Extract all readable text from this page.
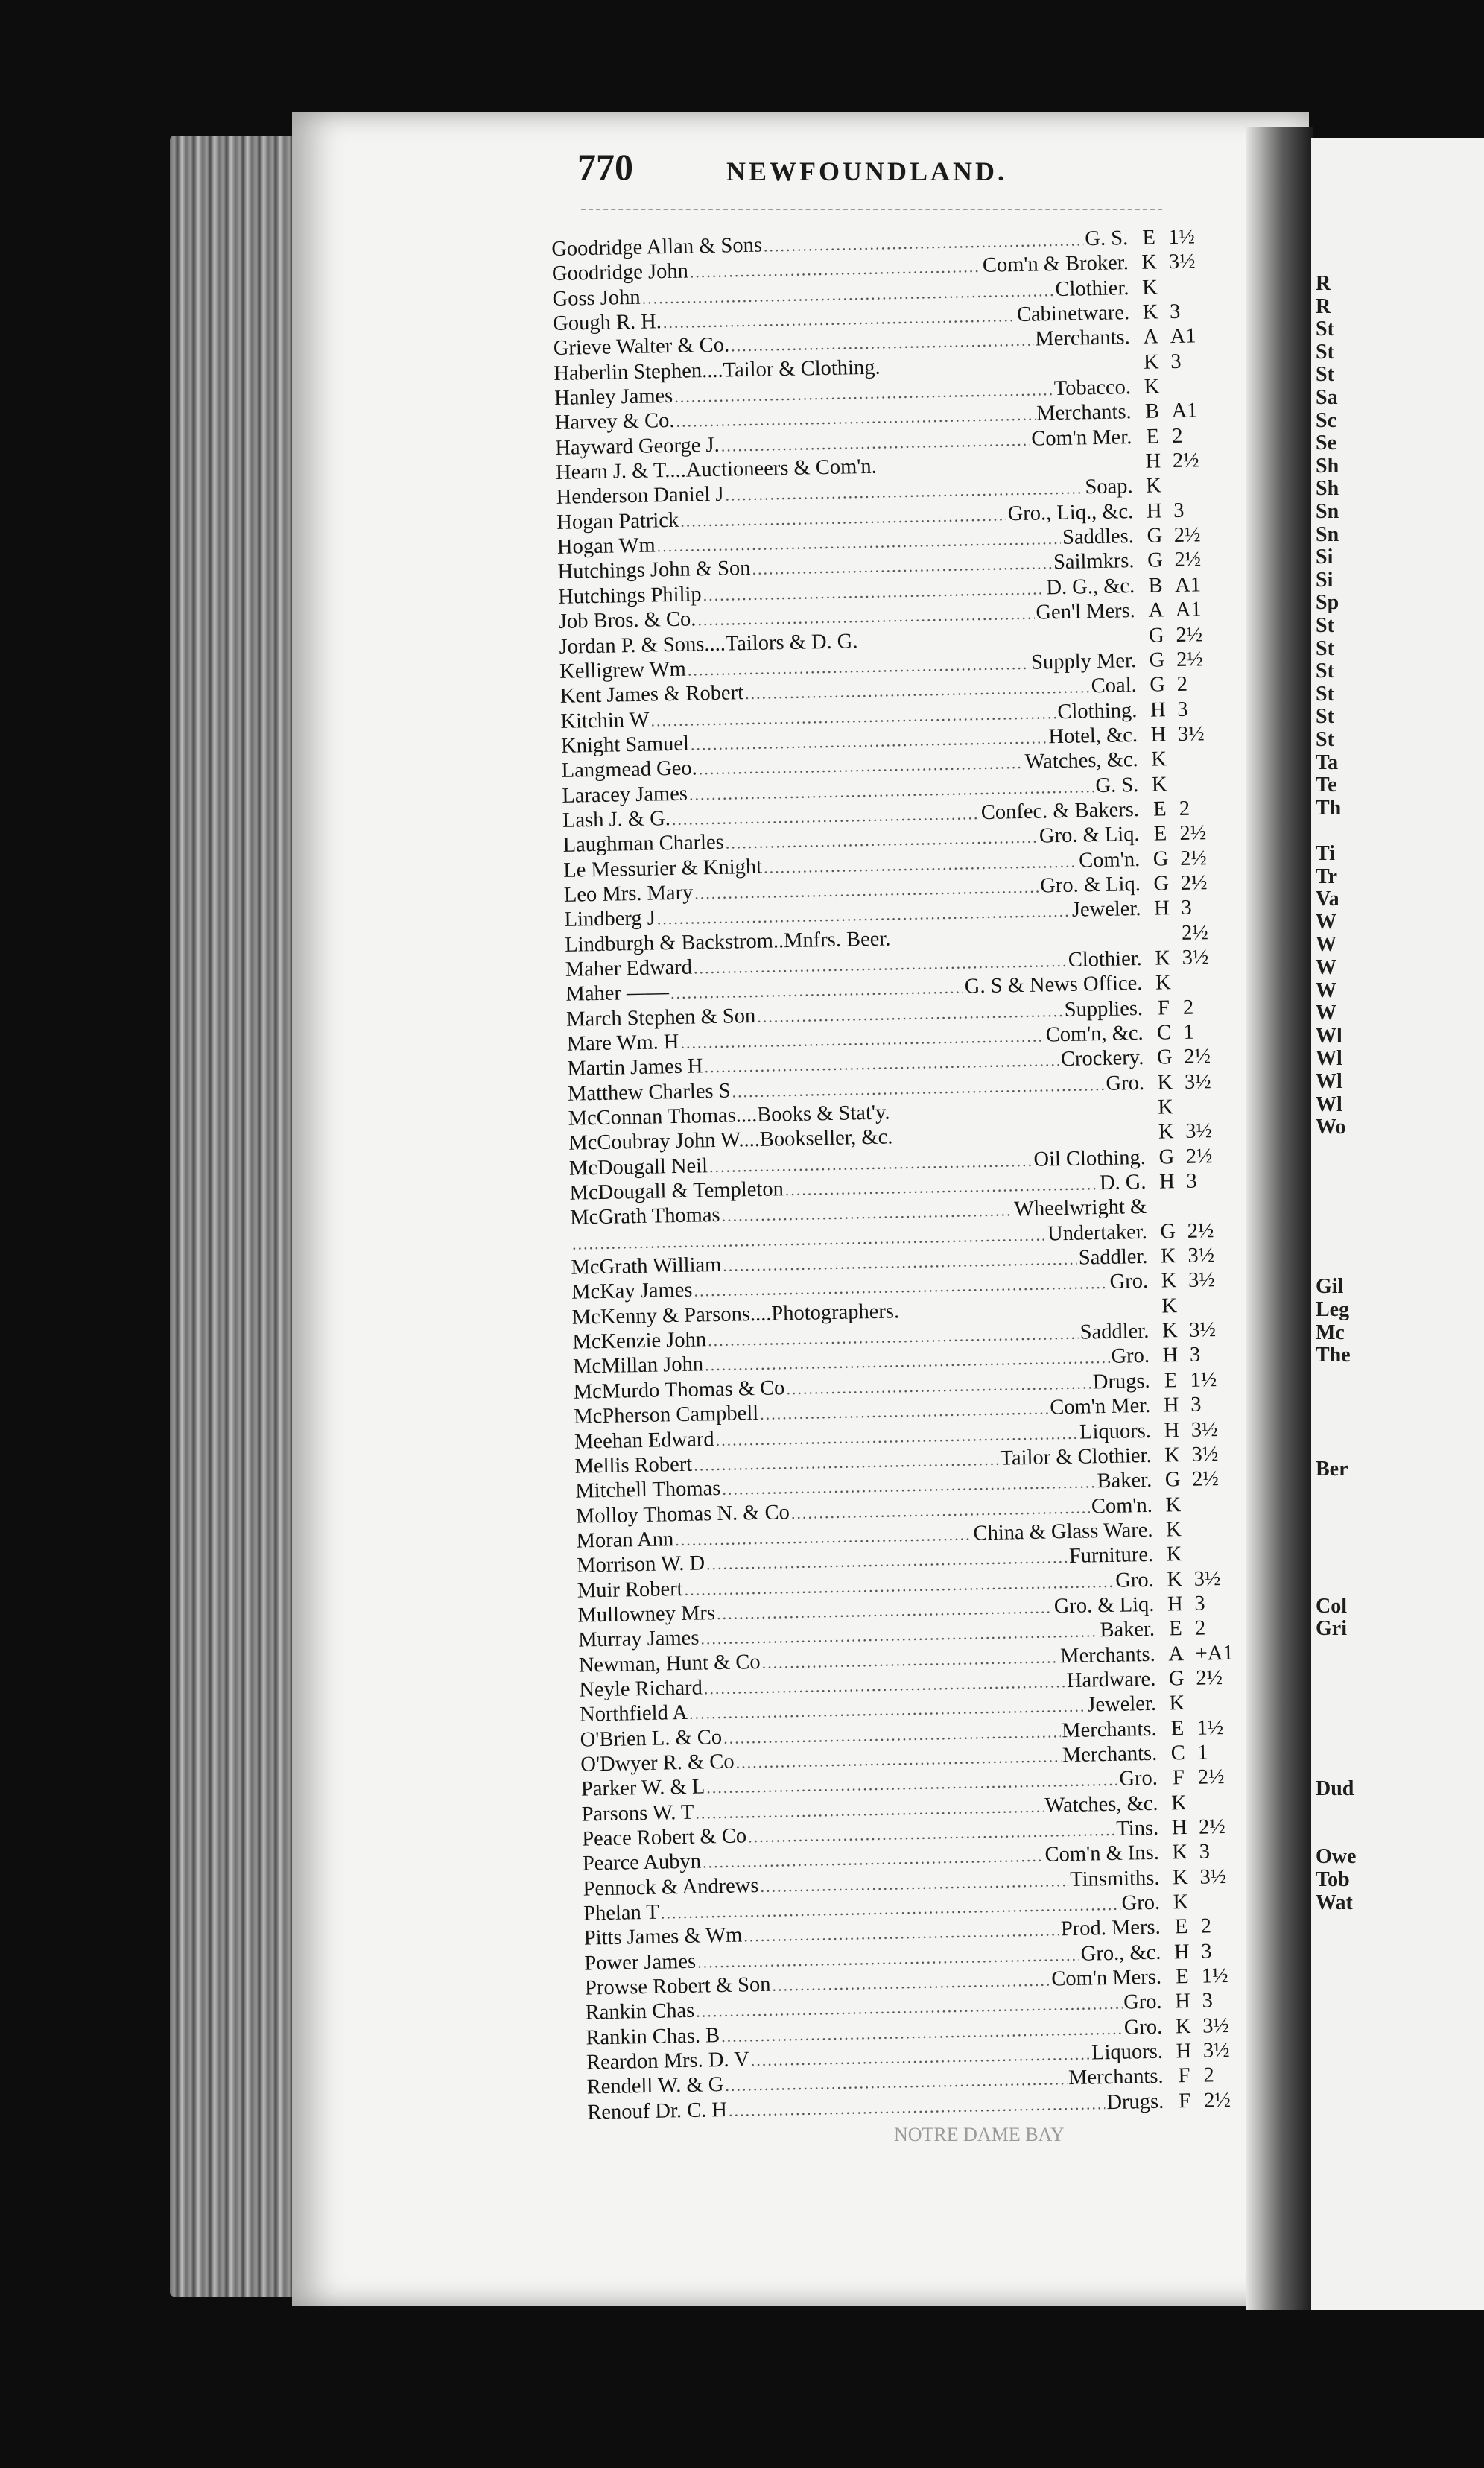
R
R
St
St
St
Sa
Sc
Se
Sh
Sh
Sn
Sn
Si
Si
Sp
St
St
St
St
St
St
Ta
Te
Th
Ti
Tr
Va
W
W
W
W
W
Wl
Wl
Wl
Wl
Wo
Gil
Leg
Mc
The
Ber
Col
Gri
Dud
Owe
Tob
Wat
770	NEWFOUNDLAND.
Goodridge Allan & Sons .....	G. S. E 1½
Goodridge John .....	Com'n & Broker. K 3½
Goss John .....	Clothier. K
Gough R. H. .....	Cabinetware. K 3
Grieve Walter & Co. .....	Merchants. A A1
Haberlin Stephen....Tailor & Clothing.	K 3
Hanley James .....	Tobacco. K
Harvey & Co. .....	Merchants. B A1
Hayward George J. .....	Com'n Mer. E 2
Hearn J. & T....Auctioneers & Com'n.	H 2½
Henderson Daniel J .....	Soap. K
Hogan Patrick .....	Gro., Liq., &c. H 3
Hogan Wm .....	Saddles. G 2½
Hutchings John & Son .....	Sailmkrs. G 2½
Hutchings Philip .....	D. G., &c. B A1
Job Bros. & Co. .....	Gen'l Mers. A A1
Jordan P. & Sons....Tailors & D. G.	G 2½
Kelligrew Wm .....	Supply Mer. G 2½
Kent James & Robert .....	Coal. G 2
Kitchin W .....	Clothing. H 3
Knight Samuel .....	Hotel, &c. H 3½
Langmead Geo. .....	Watches, &c. K
Laracey James .....	G. S. K
Lash J. & G. .....	Confec. & Bakers. E 2
Laughman Charles .....	Gro. & Liq. E 2½
Le Messurier & Knight .....	Com'n. G 2½
Leo Mrs. Mary .....	Gro. & Liq. G 2½
Lindberg J .....	Jeweler. H 3
Lindburgh & Backstrom..Mnfrs. Beer.	2½
Maher Edward .....	Clothier. K 3½
Maher —— .....	G. S & News Office. K
March Stephen & Son .....	Supplies. F 2
Mare Wm. H .....	Com'n, &c. C 1
Martin James H .....	Crockery. G 2½
Matthew Charles S .....	Gro. K 3½
McConnan Thomas....Books & Stat'y.	K
McCoubray John W....Bookseller, &c.	K 3½
McDougall Neil .....	Oil Clothing. G 2½
McDougall & Templeton .....	D. G. H 3
McGrath Thomas .....	Wheelwright &
.....
Undertaker. G 2½
McGrath William .....	Saddler. K 3½
McKay James .....	Gro. K 3½
McKenny & Parsons....Photographers.	K
McKenzie John .....	Saddler. K 3½
McMillan John .....	Gro. H 3
McMurdo Thomas & Co .....	Drugs. E 1½
McPherson Campbell .....	Com'n Mer. H 3
Meehan Edward .....	Liquors. H 3½
Mellis Robert .....	Tailor & Clothier. K 3½
Mitchell Thomas .....	Baker. G 2½
Molloy Thomas N. & Co .....	Com'n. K
Moran Ann .....	China & Glass Ware. K
Morrison W. D .....	Furniture. K
Muir Robert .....	Gro. K 3½
Mullowney Mrs .....	Gro. & Liq. H 3
Murray James .....	Baker. E 2
Newman, Hunt & Co .....	Merchants. A +A1
Neyle Richard .....	Hardware. G 2½
Northfield A .....	Jeweler. K
O'Brien L. & Co .....	Merchants. E 1½
O'Dwyer R. & Co .....	Merchants. C 1
Parker W. & L .....	Gro. F 2½
Parsons W. T .....	Watches, &c. K
Peace Robert & Co .....	Tins. H 2½
Pearce Aubyn .....	Com'n & Ins. K 3
Pennock & Andrews .....	Tinsmiths. K 3½
Phelan T .....	Gro. K
Pitts James & Wm .....	Prod. Mers. E 2
Power James .....	Gro., &c. H 3
Prowse Robert & Son .....	Com'n Mers. E 1½
Rankin Chas .....	Gro. H 3
Rankin Chas. B .....	Gro. K 3½
Reardon Mrs. D. V .....	Liquors. H 3½
Rendell W. & G .....	Merchants. F 2
Renouf Dr. C. H .....	Drugs. F 2½
NOTRE DAME BAY
